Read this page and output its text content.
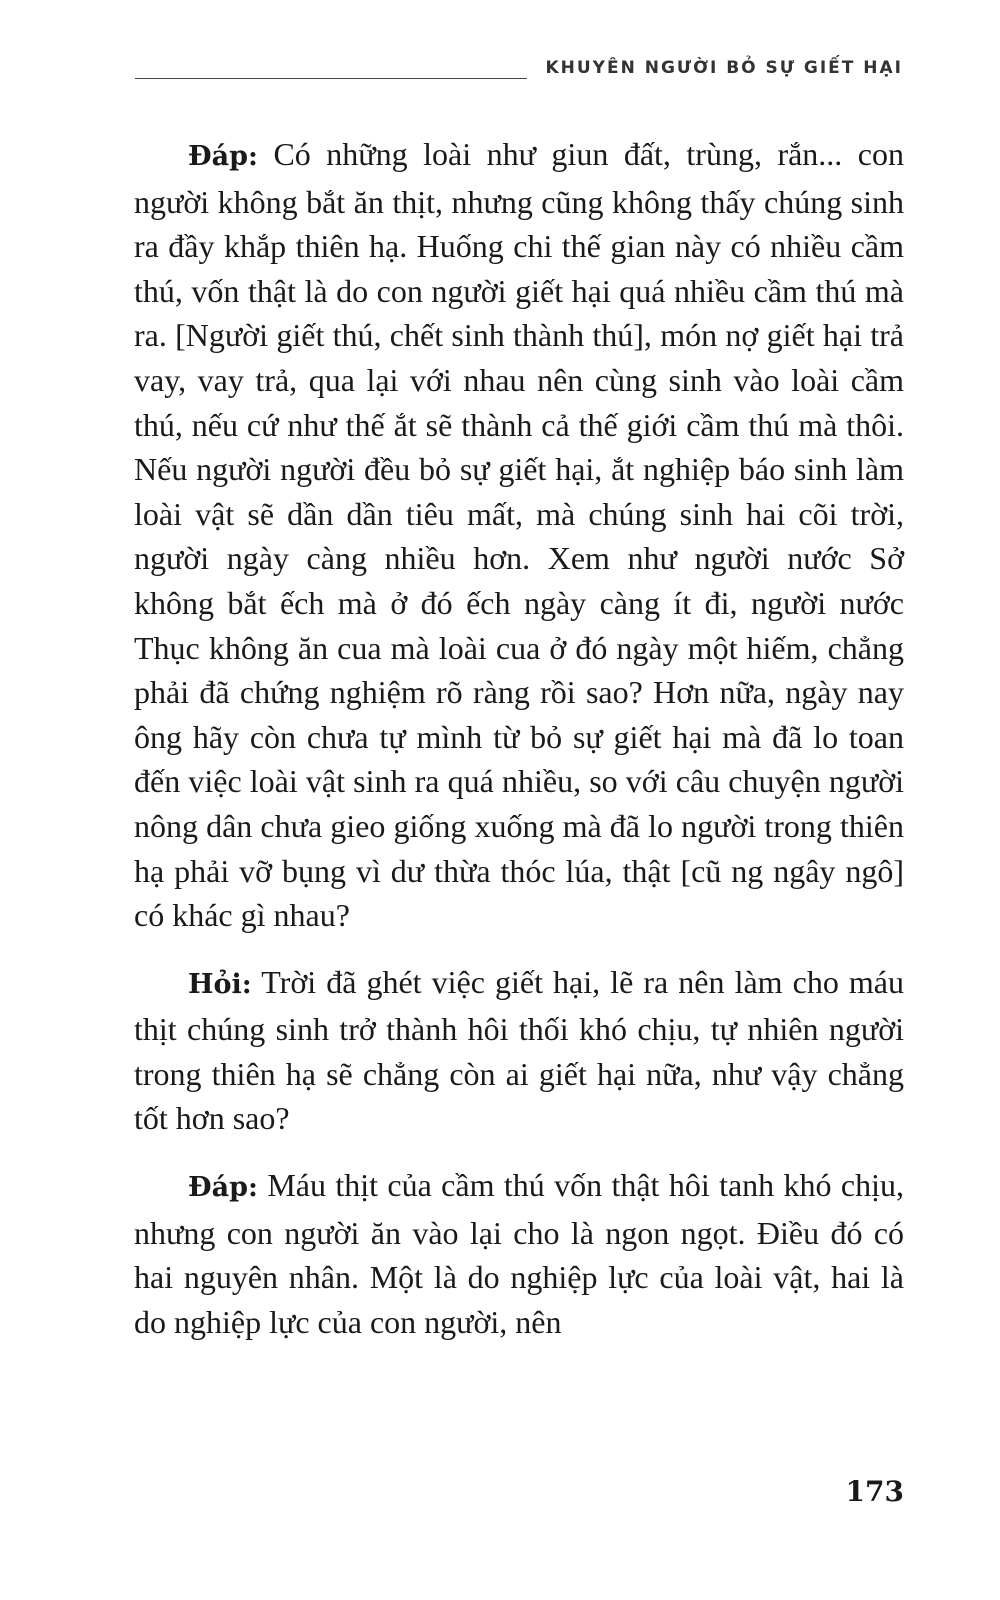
KHUYÊN NGƯỜI BỎ SỰ GIẾT HẠI

Đáp: Có những loài như giun đất, trùng, rắn... con người không bắt ăn thịt, nhưng cũng không thấy chúng sinh ra đầy khắp thiên hạ. Huống chi thế gian này có nhiều cầm thú, vốn thật là do con người giết hại quá nhiều cầm thú mà ra. [Người giết thú, chết sinh thành thú], món nợ giết hại trả vay, vay trả, qua lại với nhau nên cùng sinh vào loài cầm thú, nếu cứ như thế ắt sẽ thành cả thế giới cầm thú mà thôi. Nếu người người đều bỏ sự giết hại, ắt nghiệp báo sinh làm loài vật sẽ dần dần tiêu mất, mà chúng sinh hai cõi trời, người ngày càng nhiều hơn. Xem như người nước Sở không bắt ếch mà ở đó ếch ngày càng ít đi, người nước Thục không ăn cua mà loài cua ở đó ngày một hiếm, chẳng phải đã chứng nghiệm rõ ràng rồi sao? Hơn nữa, ngày nay ông hãy còn chưa tự mình từ bỏ sự giết hại mà đã lo toan đến việc loài vật sinh ra quá nhiều, so với câu chuyện người nông dân chưa gieo giống xuống mà đã lo người trong thiên hạ phải vỡ bụng vì dư thừa thóc lúa, thật [cũ ng ngây ngô] có khác gì nhau?

Hỏi: Trời đã ghét việc giết hại, lẽ ra nên làm cho máu thịt chúng sinh trở thành hôi thối khó chịu, tự nhiên người trong thiên hạ sẽ chẳng còn ai giết hại nữa, như vậy chẳng tốt hơn sao?

Đáp: Máu thịt của cầm thú vốn thật hôi tanh khó chịu, nhưng con người ăn vào lại cho là ngon ngọt. Điều đó có hai nguyên nhân. Một là do nghiệp lực của loài vật, hai là do nghiệp lực của con người, nên

173
